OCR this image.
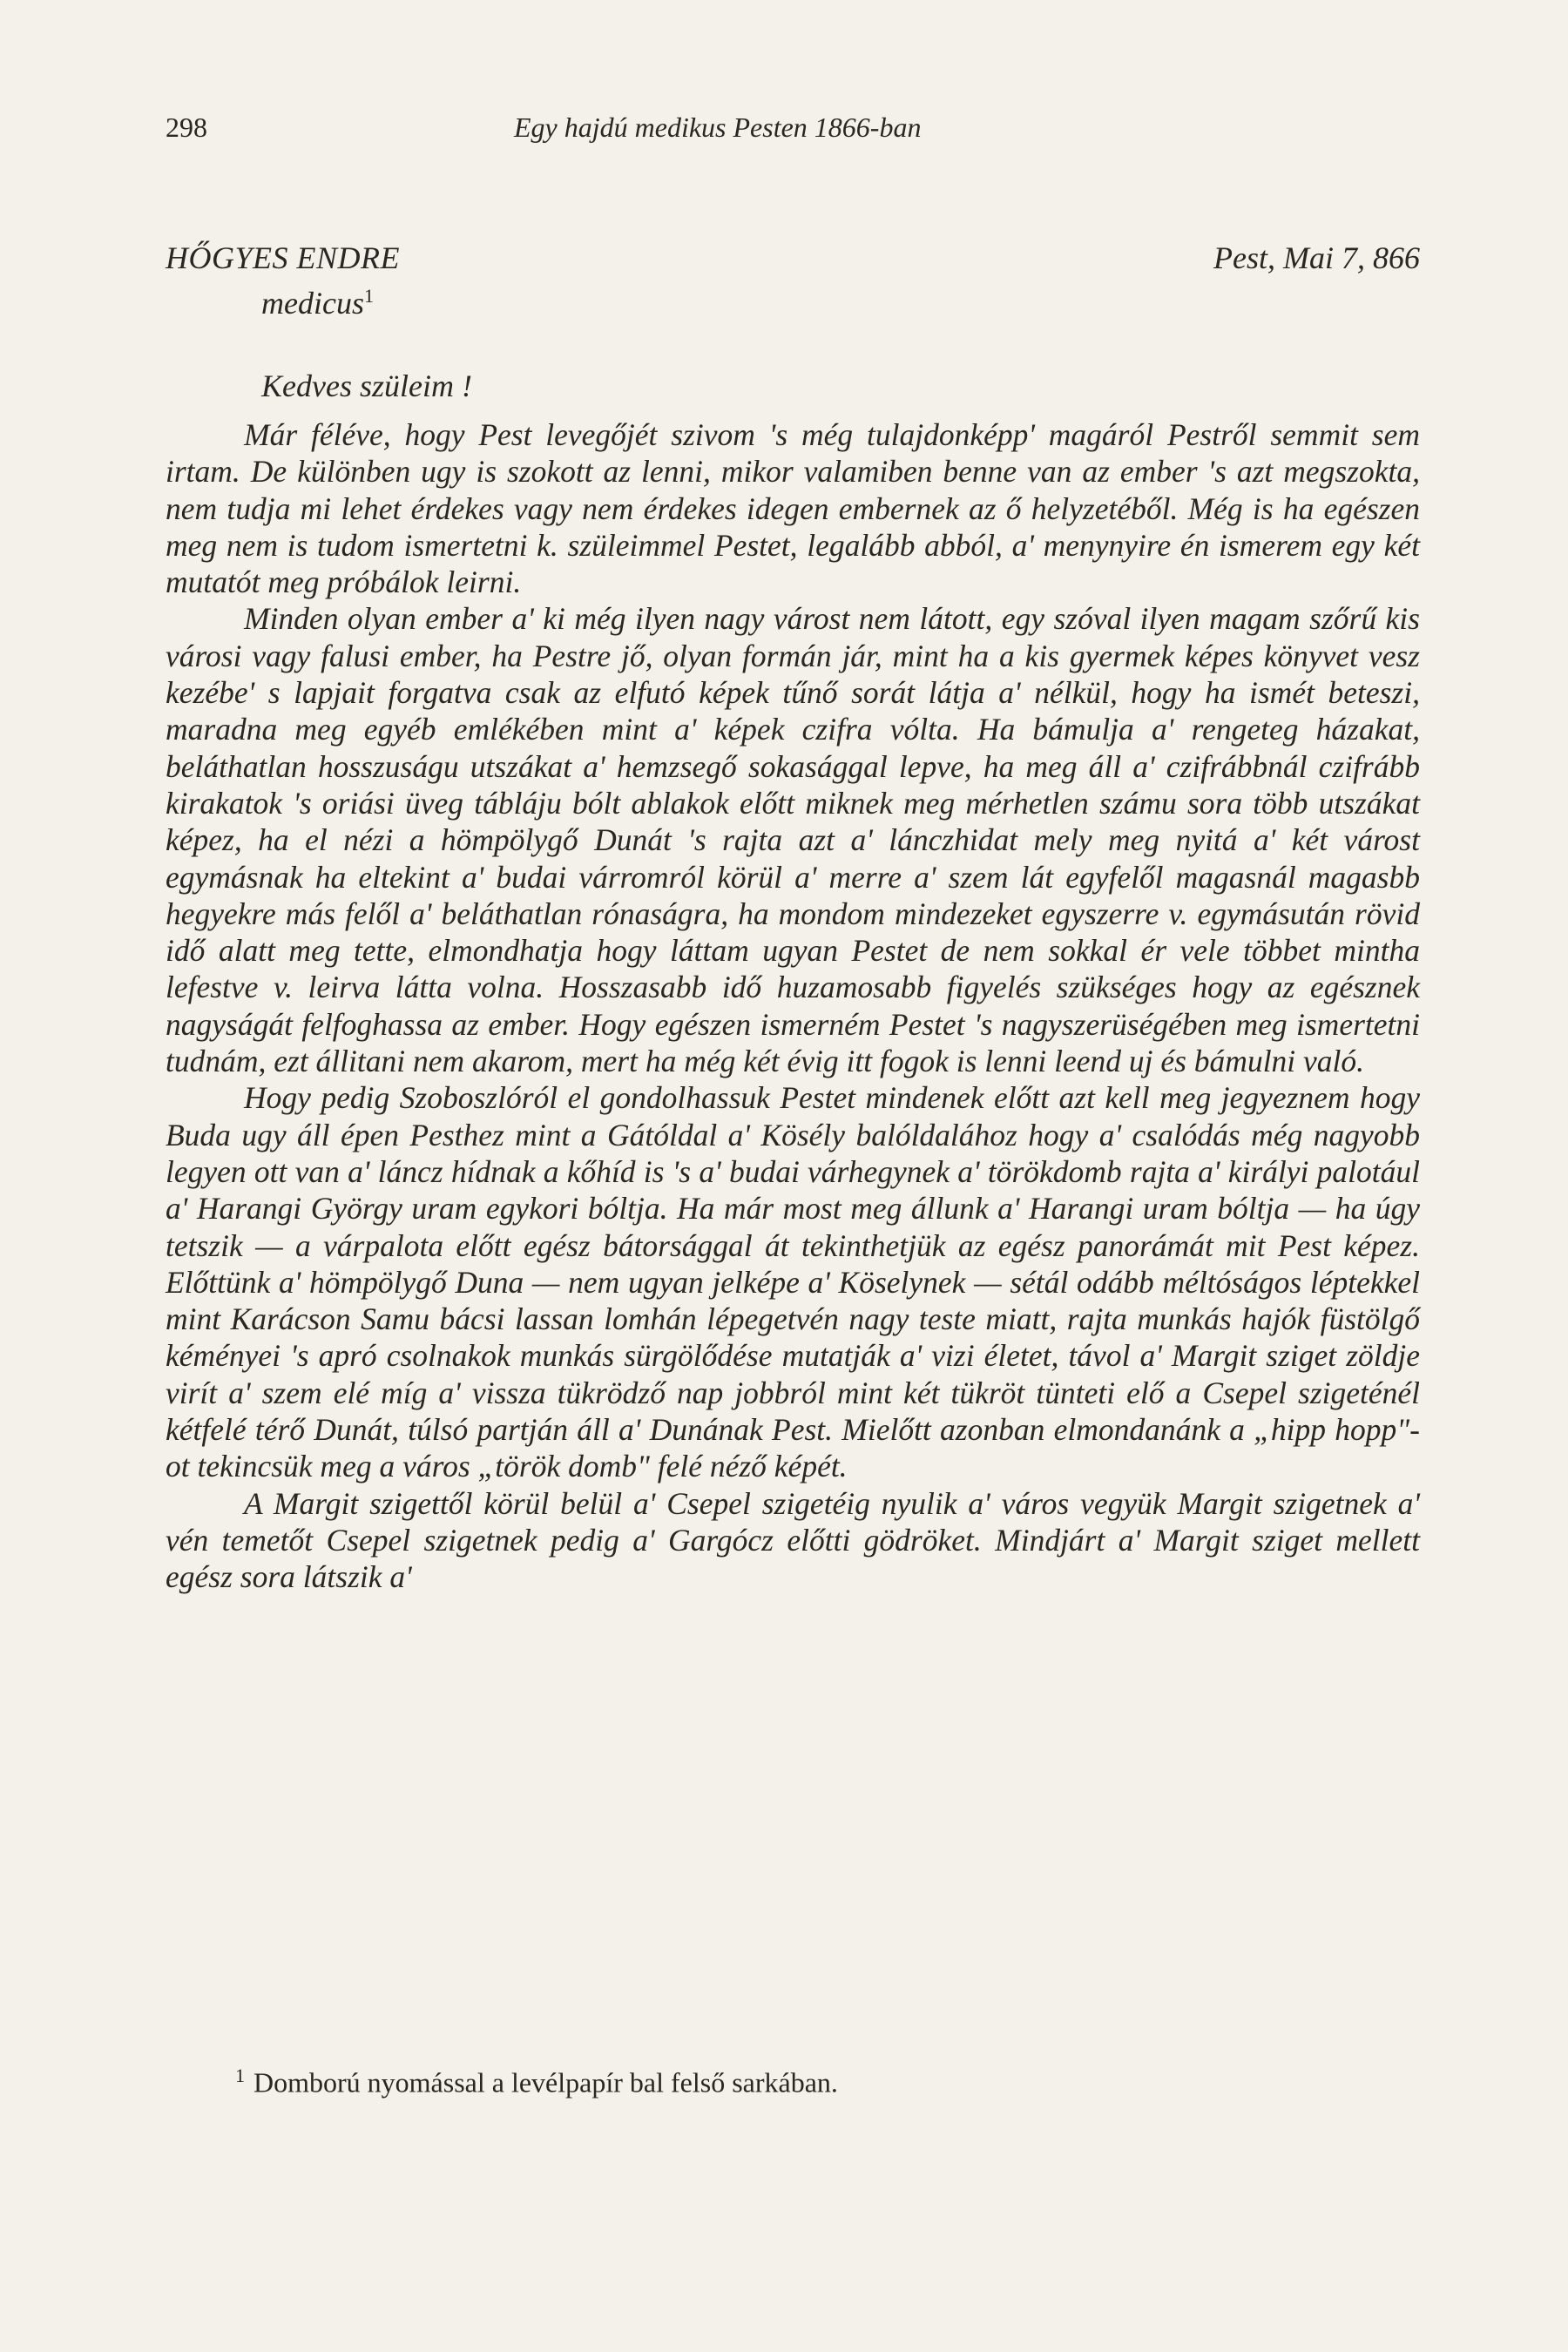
298	Egy hajdú medikus Pesten 1866-ban
HŐGYES ENDRE
medicus$^1$
Pest, Mai 7, 866
Kedves szüleim !

Már féléve, hogy Pest levegőjét szivom 's még tulajdonképp' magáról Pestről semmit sem irtam. De különben ugy is szokott az lenni, mikor valamiben benne van az ember 's azt megszokta, nem tudja mi lehet érdekes vagy nem érdekes idegen embernek az ő helyzetéből. Még is ha egészen meg nem is tudom ismertetni k. szüleimmel Pestet, legalább abból, a' menynyire én ismerem egy két mutatót meg próbálok leirni.

Minden olyan ember a' ki még ilyen nagy várost nem látott, egy szóval ilyen magam szőrű kis városi vagy falusi ember, ha Pestre jő, olyan formán jár, mint ha a kis gyermek képes könyvet vesz kezébe' s lapjait forgatva csak az elfutó képek tűnő sorát látja a' nélkül, hogy ha ismét beteszi, maradna meg egyéb emlékében mint a' képek czifra vólta. Ha bámulja a' rengeteg házakat, beláthatlan hosszuságu utszákat a' hemzsegő sokasággal lepve, ha meg áll a' czifrábbnál czifrább kirakatok 's oriási üveg tábláju bólt ablakok előtt miknek meg mérhetlen számu sora több utszákat képez, ha el nézi a hömpölygő Dunát 's rajta azt a' lánczhidat mely meg nyitá a' két várost egymásnak ha eltekint a' budai várromról körül a' merre a' szem lát egyfelől magasnál magasbb hegyekre más felől a' beláthatlan rónaságra, ha mondom mindezeket egyszerre v. egymásután rövid idő alatt meg tette, elmondhatja hogy láttam ugyan Pestet de nem sokkal ér vele többet mintha lefestve v. leirva látta volna. Hosszasabb idő huzamosabb figyelés szükséges hogy az egésznek nagyságát felfoghassa az ember. Hogy egészen ismerném Pestet 's nagyszerüségében meg ismertetni tudnám, ezt állitani nem akarom, mert ha még két évig itt fogok is lenni leend uj és bámulni való.

Hogy pedig Szoboszlóról el gondolhassuk Pestet mindenek előtt azt kell meg jegyeznem hogy Buda ugy áll épen Pesthez mint a Gátóldal a' Kösély balóldalához hogy a' csalódás még nagyobb legyen ott van a' láncz hídnak a kőhíd is 's a' budai várhegynek a' törökdomb rajta a' királyi palotául a' Harangi György uram egykori bóltja. Ha már most meg állunk a' Harangi uram bóltja — ha úgy tetszik — a várpalota előtt egész bátorsággal át tekinthetjük az egész panorámát mit Pest képez. Előttünk a' hömpölygő Duna — nem ugyan jelképe a' Köselynek — sétál odább méltóságos léptekkel mint Karácson Samu bácsi lassan lomhán lépegetvén nagy teste miatt, rajta munkás hajók füstölgő kéményei 's apró csolnakok munkás sürgölődése mutatják a' vizi életet, távol a' Margit sziget zöldje virít a' szem elé míg a' vissza tükrödző nap jobbról mint két tükröt tünteti elő a Csepel szigeténél kétfelé térő Dunát, túlsó partján áll a' Dunának Pest. Mielőtt azonban elmondanánk a „hipp hopp"-ot tekincsük meg a város „török domb" felé néző képét.

A Margit szigettől körül belül a' Csepel szigetéig nyulik a' város vegyük Margit szigetnek a' vén temetőt Csepel szigetnek pedig a' Gargócz előtti gödröket. Mindjárt a' Margit sziget mellett egész sora látszik a'

$^1$ Domború nyomással a levélpapír bal felső sarkában.
